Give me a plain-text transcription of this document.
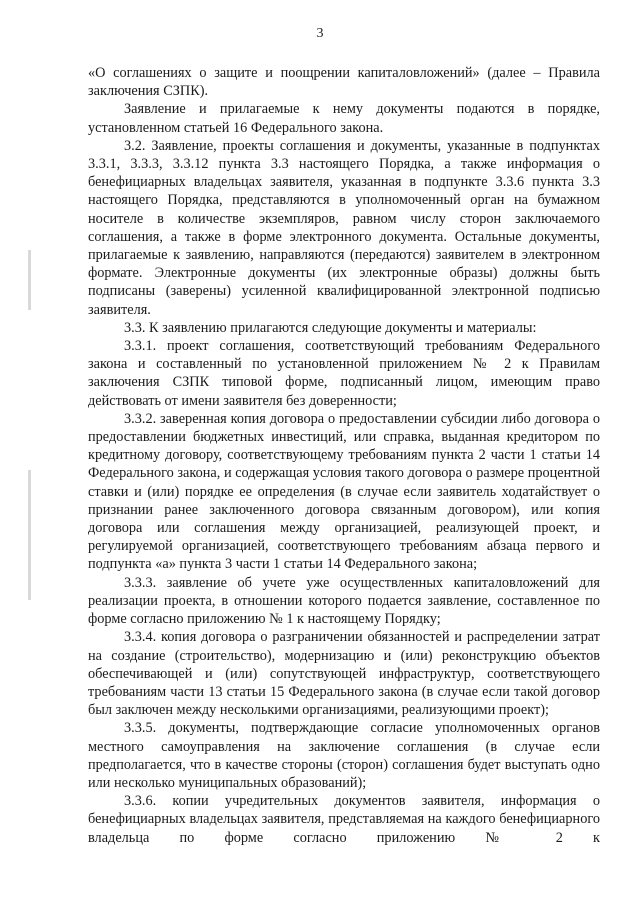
3

«О соглашениях о защите и поощрении капиталовложений» (далее – Правила заключения СЗПК).

Заявление и прилагаемые к нему документы подаются в порядке, установленном статьей 16 Федерального закона.

3.2. Заявление, проекты соглашения и документы, указанные в подпунктах 3.3.1, 3.3.3, 3.3.12 пункта 3.3 настоящего Порядка, а также информация о бенефициарных владельцах заявителя, указанная в подпункте 3.3.6 пункта 3.3 настоящего Порядка, представляются в уполномоченный орган на бумажном носителе в количестве экземпляров, равном числу сторон заключаемого соглашения, а также в форме электронного документа. Остальные документы, прилагаемые к заявлению, направляются (передаются) заявителем в электронном формате. Электронные документы (их электронные образы) должны быть подписаны (заверены) усиленной квалифицированной электронной подписью заявителя.

3.3. К заявлению прилагаются следующие документы и материалы:

3.3.1. проект соглашения, соответствующий требованиям Федерального закона и составленный по установленной приложением № 2 к Правилам заключения СЗПК типовой форме, подписанный лицом, имеющим право действовать от имени заявителя без доверенности;

3.3.2. заверенная копия договора о предоставлении субсидии либо договора о предоставлении бюджетных инвестиций, или справка, выданная кредитором по кредитному договору, соответствующему требованиям пункта 2 части 1 статьи 14 Федерального закона, и содержащая условия такого договора о размере процентной ставки и (или) порядке ее определения (в случае если заявитель ходатайствует о признании ранее заключенного договора связанным договором), или копия договора или соглашения между организацией, реализующей проект, и регулируемой организацией, соответствующего требованиям абзаца первого и подпункта «а» пункта 3 части 1 статьи 14 Федерального закона;

3.3.3. заявление об учете уже осуществленных капиталовложений для реализации проекта, в отношении которого подается заявление, составленное по форме согласно приложению № 1 к настоящему Порядку;

3.3.4. копия договора о разграничении обязанностей и распределении затрат на создание (строительство), модернизацию и (или) реконструкцию объектов обеспечивающей и (или) сопутствующей инфраструктур, соответствующего требованиям части 13 статьи 15 Федерального закона (в случае если такой договор был заключен между несколькими организациями, реализующими проект);

3.3.5. документы, подтверждающие согласие уполномоченных органов местного самоуправления на заключение соглашения (в случае если предполагается, что в качестве стороны (сторон) соглашения будет выступать одно или несколько муниципальных образований);

3.3.6. копии учредительных документов заявителя, информация о бенефициарных владельцах заявителя, представляемая на каждого бенефициарного владельца по форме согласно приложению № 2 к
